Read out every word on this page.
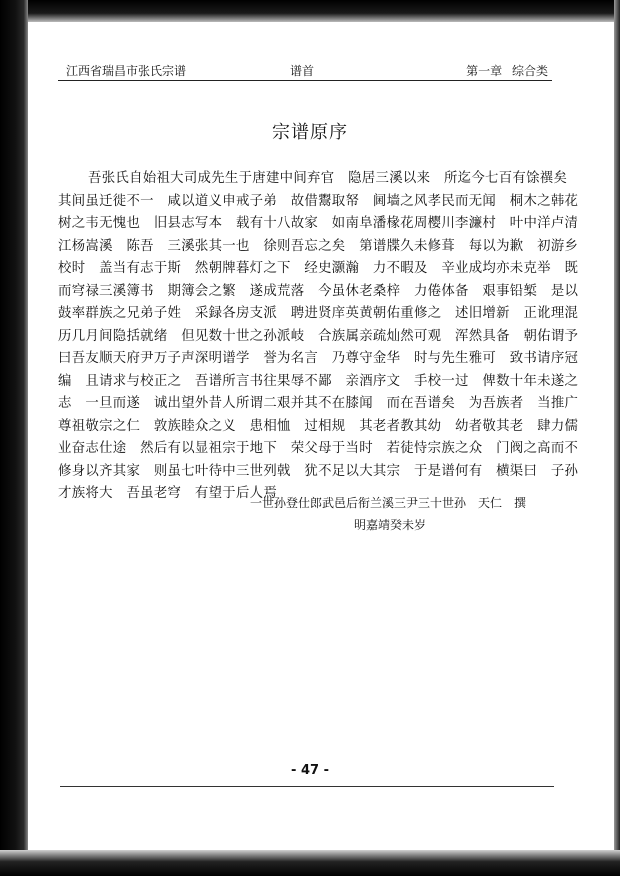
江西省瑞昌市张氏宗谱	谱首	第一章 综合类
宗谱原序
吾张氏自始祖大司成先生于唐建中间弃官　隐居三溪以来　所迄今七百有馀禩矣
其间虽迁徙不一　咸以道义申戒子弟　故借鬻取帑　阃墙之风孝民而无闻　桐木之韩花
树之韦无愧也　旧县志写本　载有十八故家　如南阜潘椽花周樱川李濂村　叶中洋卢清
江杨嵩溪　陈吾　三溪张其一也　徐则吾忘之矣　第谱牒久未修葺　每以为歉　初游乡
校时　盖当有志于斯　然朝牌暮灯之下　经史灏瀚　力不暇及　辛业成均亦未克举　既
而穹禄三溪簿书　期簿会之繁　遂成荒落　今虽休老桑梓　力倦体备　艰事铅椠　是以
鼓率群族之兄弟子姓　采録各房支派　聘进贤庠英黄朝佑重修之　述旧增新　正讹理混
历几月间隐括就绪　但见数十世之孙派岐　合族属亲疏灿然可观　浑然具备　朝佑谓予
曰吾友顺天府尹万子声深明谱学　誉为名言　乃尊守金华　时与先生雅可　致书请序冠
编　且请求与校正之　吾谱所言书往果辱不鄙　亲酒序文　手校一过　俾数十年未遂之
志　一旦而遂　诚出望外昔人所谓二艰并其不在膝闻　而在吾谱矣　为吾族者　当推广
尊祖敬宗之仁　敦族睦众之义　患相恤　过相规　其老者教其幼　幼者敬其老　肆力儒
业奋志仕途　然后有以显祖宗于地下　荣父母于当时　若徒恃宗族之众　门阀之高而不
修身以齐其家　则虽七叶待中三世列戟　犹不足以大其宗　于是谱何有　横渠曰　子孙
才族将大　吾虽老穹　有望于后人焉
一世孙登仕郎武邑后衔兰溪三尹三十世孙　天仁　撰
明嘉靖癸未岁
- 47 -
